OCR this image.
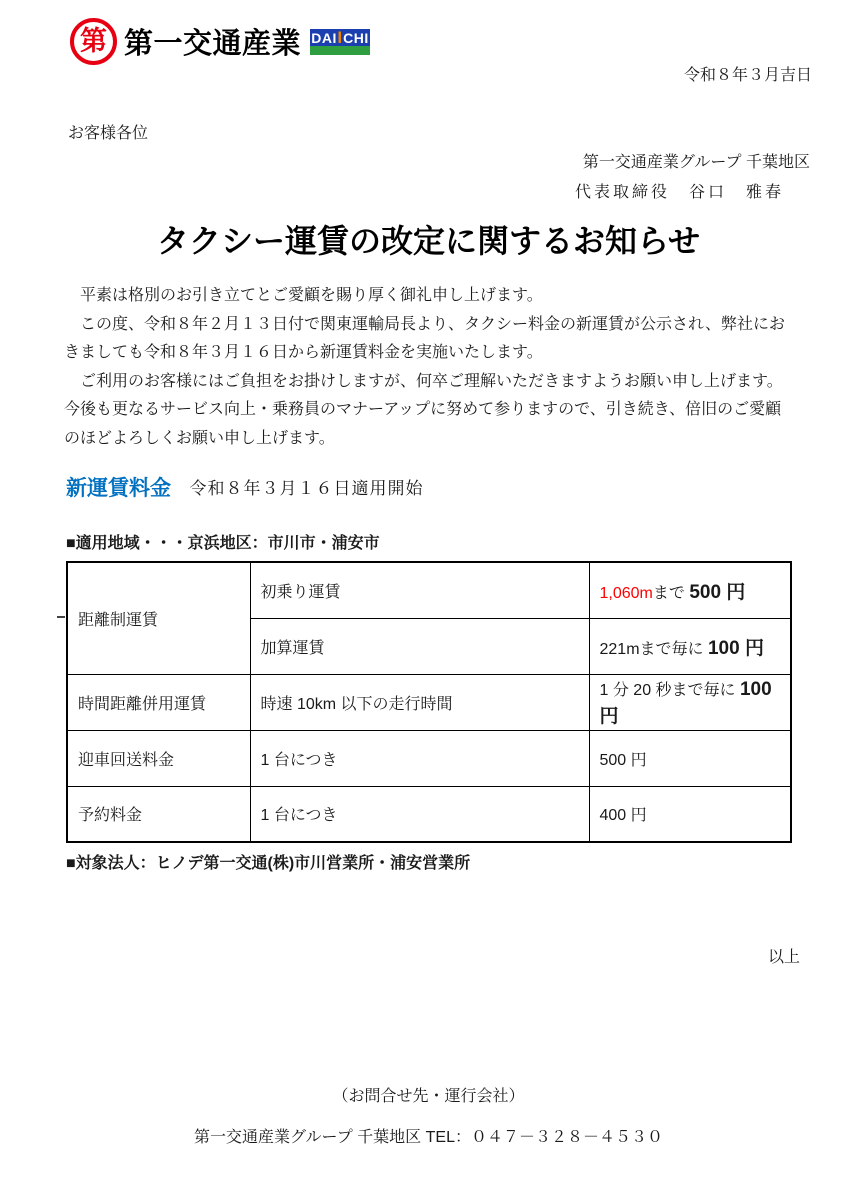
第 第一交通産業 DAI I CHI
令和８年３月吉日
お客様各位
第一交通産業グループ 千葉地区
代表取締役　谷口　雅春
タクシー運賃の改定に関するお知らせ

　平素は格別のお引き立てとご愛顧を賜り厚く御礼申し上げます。

　この度、令和８年２月１３日付で関東運輸局長より、タクシー料金の新運賃が公示され、弊社におきましても令和８年３月１６日から新運賃料金を実施いたします。

　ご利用のお客様にはご負担をお掛けしますが、何卒ご理解いただきますようお願い申し上げます。今後も更なるサービス向上・乗務員のマナーアップに努めて参りますので、引き続き、倍旧のご愛顧のほどよろしくお願い申し上げます。

新運賃料金 令和８年３月１６日適用開始
■適用地域・・・京浜地区：市川市・浦安市
距離制運賃	初乗り運賃	1,060mまで 500 円
	加算運賃	221mまで毎に 100 円
時間距離併用運賃	時速 10km 以下の走行時間	1 分 20 秒まで毎に 100 円
迎車回送料金	1 台につき	500 円
予約料金	1 台につき	400 円
■対象法人：ヒノデ第一交通(株)市川営業所・浦安営業所
以上
（お問合せ先・運行会社）
第一交通産業グループ 千葉地区 TEL：０４７－３２８－４５３０
